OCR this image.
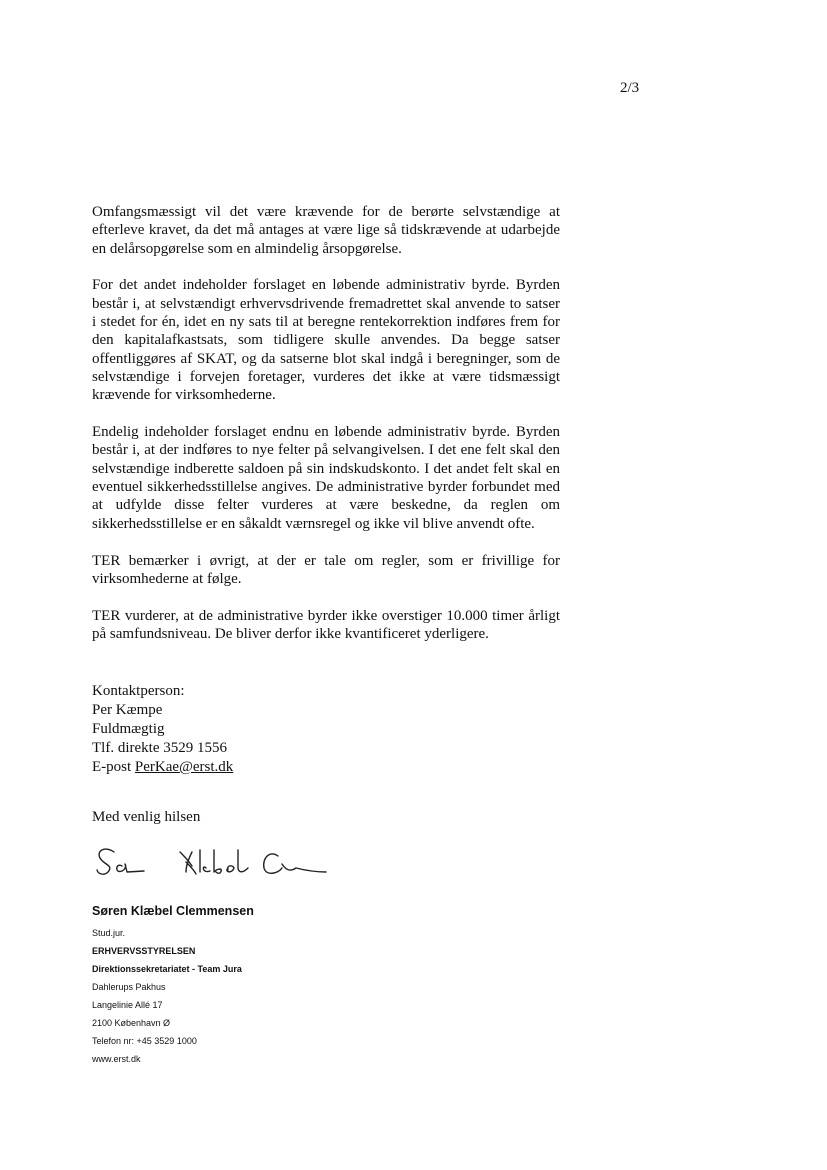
2/3

Omfangsmæssigt vil det være krævende for de berørte selvstændige at efterleve kravet, da det må antages at være lige så tidskrævende at udarbejde en delårsopgørelse som en almindelig årsopgørelse.

For det andet indeholder forslaget en løbende administrativ byrde. Byrden består i, at selvstændigt erhvervsdrivende fremadrettet skal anvende to satser i stedet for én, idet en ny sats til at beregne rentekorrektion indføres frem for den kapitalafkastsats, som tidligere skulle anvendes. Da begge satser offentliggøres af SKAT, og da satserne blot skal indgå i beregninger, som de selvstændige i forvejen foretager, vurderes det ikke at være tidsmæssigt krævende for virksomhederne.

Endelig indeholder forslaget endnu en løbende administrativ byrde. Byrden består i, at der indføres to nye felter på selvangivelsen. I det ene felt skal den selvstændige indberette saldoen på sin indskudskonto. I det andet felt skal en eventuel sikkerhedsstillelse angives. De administrative byrder forbundet med at udfylde disse felter vurderes at være beskedne, da reglen om sikkerhedsstillelse er en såkaldt værnsregel og ikke vil blive anvendt ofte.

TER bemærker i øvrigt, at der er tale om regler, som er frivillige for virksomhederne at følge.

TER vurderer, at de administrative byrder ikke overstiger 10.000 timer årligt på samfundsniveau. De bliver derfor ikke kvantificeret yderligere.

Kontaktperson:
Per Kæmpe
Fuldmægtig
Tlf. direkte 3529 1556
E-post PerKae@erst.dk
Med venlig hilsen
Søren Klæbel Clemmensen
Stud.jur.
ERHVERVSSTYRELSEN
Direktionssekretariatet - Team Jura
Dahlerups Pakhus
Langelinie Allé 17
2100 København Ø
Telefon nr: +45 3529 1000
www.erst.dk
